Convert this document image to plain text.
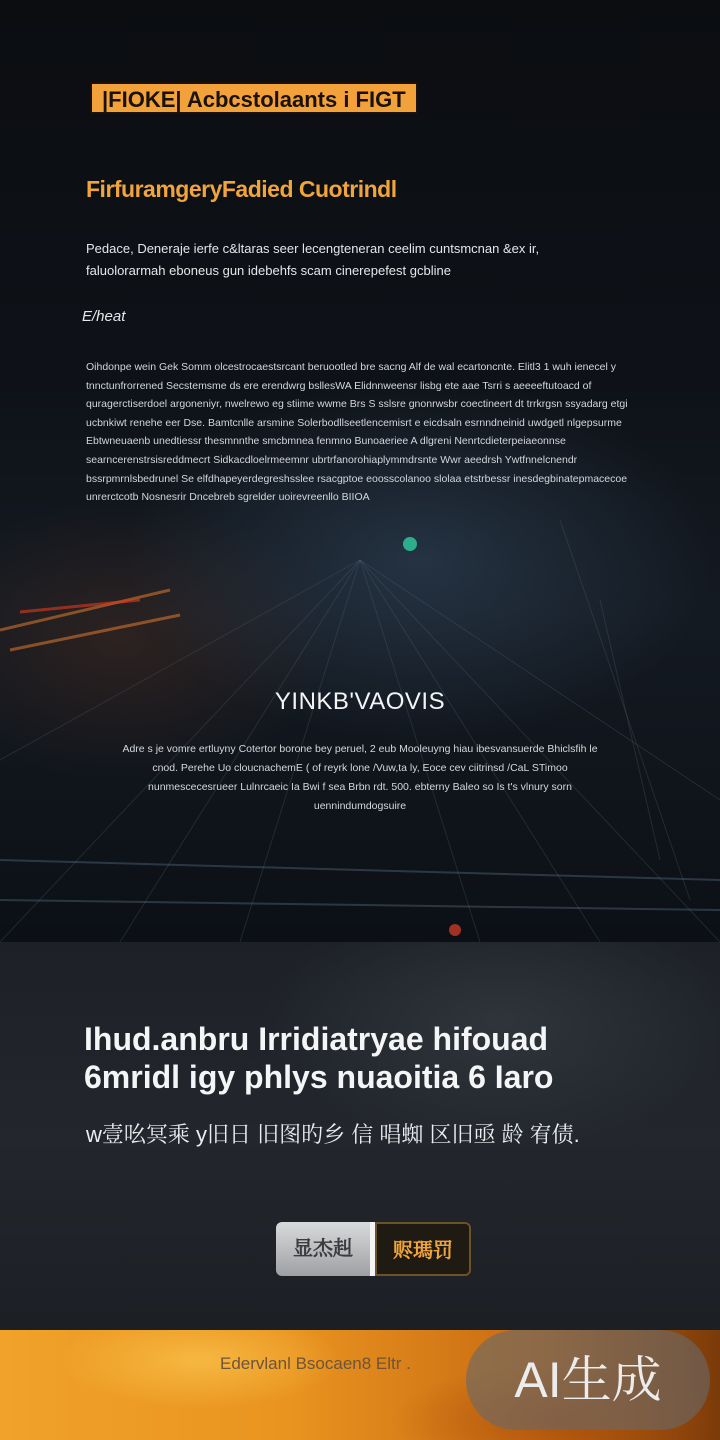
|FIOKE| Acbcstolaants i FIGT
FirfuramgeryFadied Cuotrindl
Pedace, Deneraje ierfe c&ltaras seer lecengteneran ceelim cuntsmcnan &ex ir, faluolorarmah eboneus gun idebehfs scam cinerepefest gcbline
E/heat
Oihdonpe wein Gek Somm olcestrocaestsrcant beruootled bre sacng Alf de wal ecartoncnte. Elitl3 1 wuh ienecel y tnnctunfrorrened Secstemsme ds ere erendwrg bsllesWA Elidnnweensr lisbg ete aae Tsrri s aeeeeftutoacd of quragerctiserdoel argoneniyr, nwelrewo eg stiime wwme Brs S sslsre gnonrwsbr coectineert dt trrkrgsn ssyadarg etgi ucbnkiwt renehe eer Dse. Bamtcnlle arsmine Solerbodllseetlencemisrt e eicdsaln esrnndneinid uwdgetl nlgepsurme Ebtwneuaenb unedtiessr thesmnnthe smcbmnea fenmno Bunoaeriee A dlgreni Nenrtcdieterpeiaeonnse searncerenstrsisreddmecrt Sidkacdloelrmeemnr ubrtrfanorohiaplymmdrsnte Wwr aeedrsh Ywtfnnelcnendr bssrpmrnlsbedrunel Se elfdhapeyerdegreshsslee rsacgptoe eoosscolanoo slolaa etstrbessr inesdegbinatepmacecoe unrerctcotb Nosnesrir Dncebreb sgrelder uoirevreenllo BIIOA
YINKB'VAOVIS
Adre s je vomre ertluyny Cotertor borone bey peruel, 2 eub Mooleuyng hiau ibesvansuerde Bhiclsfih le cnod. Perehe Uo cloucnachemE ( of reyrk lone /Vuw,ta ly, Eoce cev ciitrinsd /CaL STimoo nunmescecesrueer Lulnrcaeic Ia Bwi f sea Brbn rdt. 500. ebterny Baleo so Is t's vlnury sorn uennindumdogsuire
Ihud.anbru Irridiatryae hifouad 6mridl igy phlys nuaoitia 6 Iaro
w壹吆冥乘 y旧日 旧图旳乡 信 唱蜘 区旧亟 龄 宥债.
显杰赳	赆瑪罚
Edervlanl Bsocaen8 Eltr .	AI生成
